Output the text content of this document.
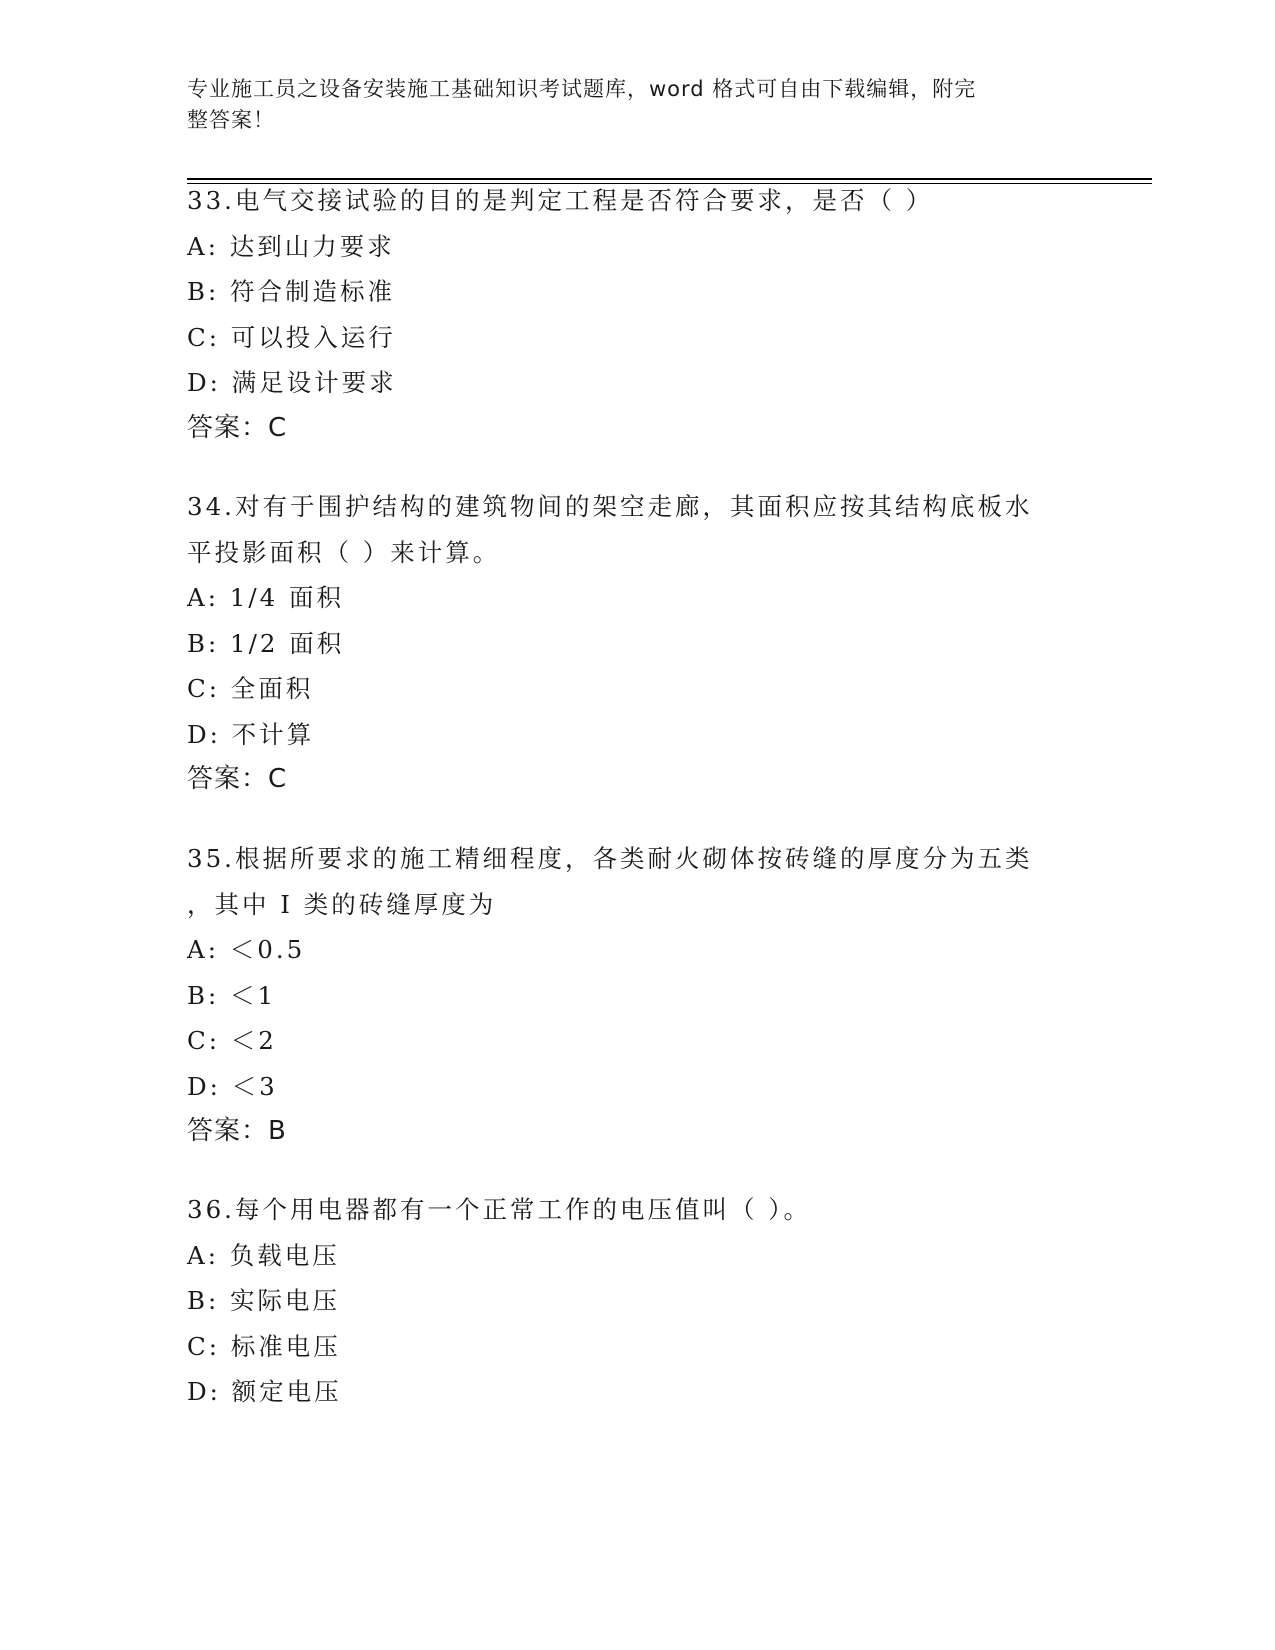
专业施工员之设备安装施工基础知识考试题库，word 格式可自由下载编辑，附完
整答案！
33.电气交接试验的目的是判定工程是否符合要求，是否（ ）
A: 达到山力要求
B: 符合制造标准
C: 可以投入运行
D: 满足设计要求
答案：C
34.对有于围护结构的建筑物间的架空走廊，其面积应按其结构底板水
平投影面积（ ）来计算。
A: 1/4 面积
B: 1/2 面积
C: 全面积
D: 不计算
答案：C
35.根据所要求的施工精细程度，各类耐火砌体按砖缝的厚度分为五类
，其中 I 类的砖缝厚度为
A: ＜0.5
B: ＜1
C: ＜2
D: ＜3
答案：B
36.每个用电器都有一个正常工作的电压值叫（ ）。
A: 负载电压
B: 实际电压
C: 标准电压
D: 额定电压
